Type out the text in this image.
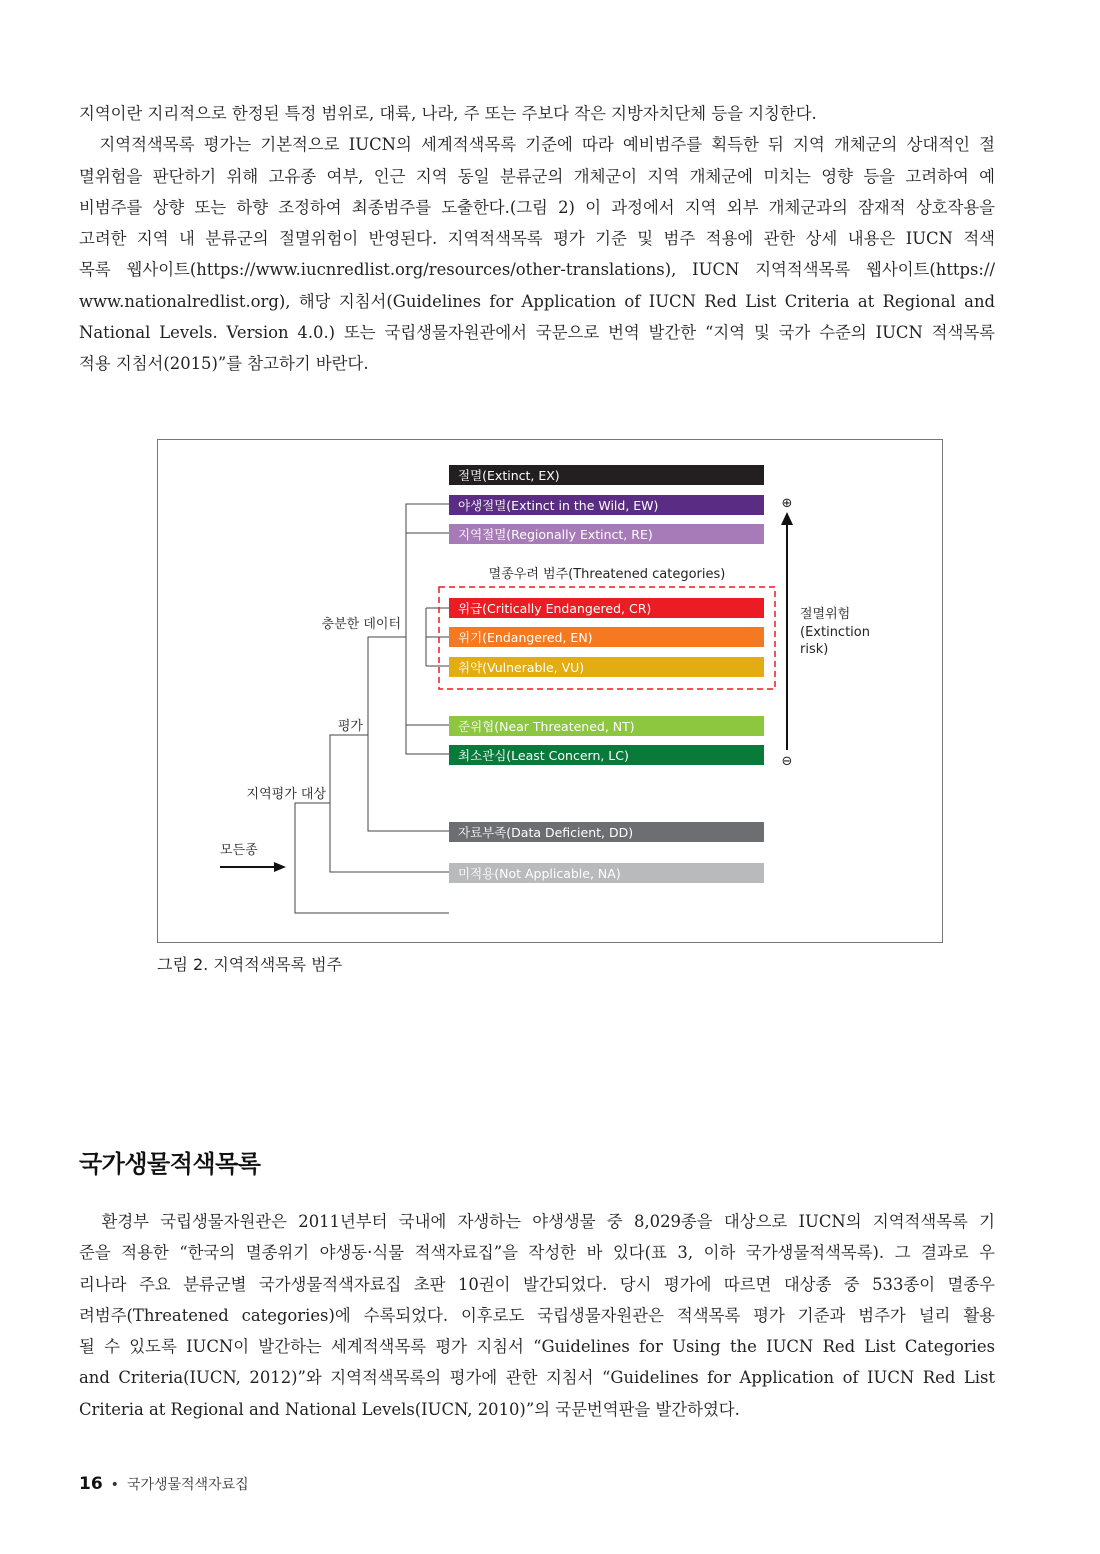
지역이란 지리적으로 한정된 특정 범위로, 대륙, 나라, 주 또는 주보다 작은 지방자치단체 등을 지칭한다.
　지역적색목록 평가는 기본적으로 IUCN의 세계적색목록 기준에 따라 예비범주를 획득한 뒤 지역 개체군의 상대적인 절
멸위험을 판단하기 위해 고유종 여부, 인근 지역 동일 분류군의 개체군이 지역 개체군에 미치는 영향 등을 고려하여 예
비범주를 상향 또는 하향 조정하여 최종범주를 도출한다.(그림 2) 이 과정에서 지역 외부 개체군과의 잠재적 상호작용을
고려한 지역 내 분류군의 절멸위험이 반영된다. 지역적색목록 평가 기준 및 범주 적용에 관한 상세 내용은 IUCN 적색
목록 웹사이트(https://www.iucnredlist.org/resources/other-translations), IUCN 지역적색목록 웹사이트(https://
www.nationalredlist.org), 해당 지침서(Guidelines for Application of IUCN Red List Criteria at Regional and
National Levels. Version 4.0.) 또는 국립생물자원관에서 국문으로 번역 발간한 “지역 및 국가 수준의 IUCN 적색목록
적용 지침서(2015)”를 참고하기 바란다.
멸종우려 범주(Threatened categories)
절멸(Extinct, EX)
야생절멸(Extinct in the Wild, EW)
지역절멸(Regionally Extinct, RE)
위급(Critically Endangered, CR)
위기(Endangered, EN)
취약(Vulnerable, VU)
준위협(Near Threatened, NT)
최소관심(Least Concern, LC)
자료부족(Data Deficient, DD)
미적용(Not Applicable, NA)
미평가(Not Evaluated, NE)
⊕
⊖
절멸위험
(Extinction
risk)
충분한 데이터
평가
지역평가 대상
모든종
그림 2. 지역적색목록 범주
국가생물적색목록
　환경부 국립생물자원관은 2011년부터 국내에 자생하는 야생생물 중 8,029종을 대상으로 IUCN의 지역적색목록 기
준을 적용한 “한국의 멸종위기 야생동·식물 적색자료집”을 작성한 바 있다(표 3, 이하 국가생물적색목록). 그 결과로 우
리나라 주요 분류군별 국가생물적색자료집 초판 10권이 발간되었다. 당시 평가에 따르면 대상종 중 533종이 멸종우
려범주(Threatened categories)에 수록되었다. 이후로도 국립생물자원관은 적색목록 평가 기준과 범주가 널리 활용
될 수 있도록 IUCN이 발간하는 세계적색목록 평가 지침서 “Guidelines for Using the IUCN Red List Categories
and Criteria(IUCN, 2012)”와 지역적색목록의 평가에 관한 지침서 “Guidelines for Application of IUCN Red List
Criteria at Regional and National Levels(IUCN, 2010)”의 국문번역판을 발간하였다.
16 • 국가생물적색자료집
